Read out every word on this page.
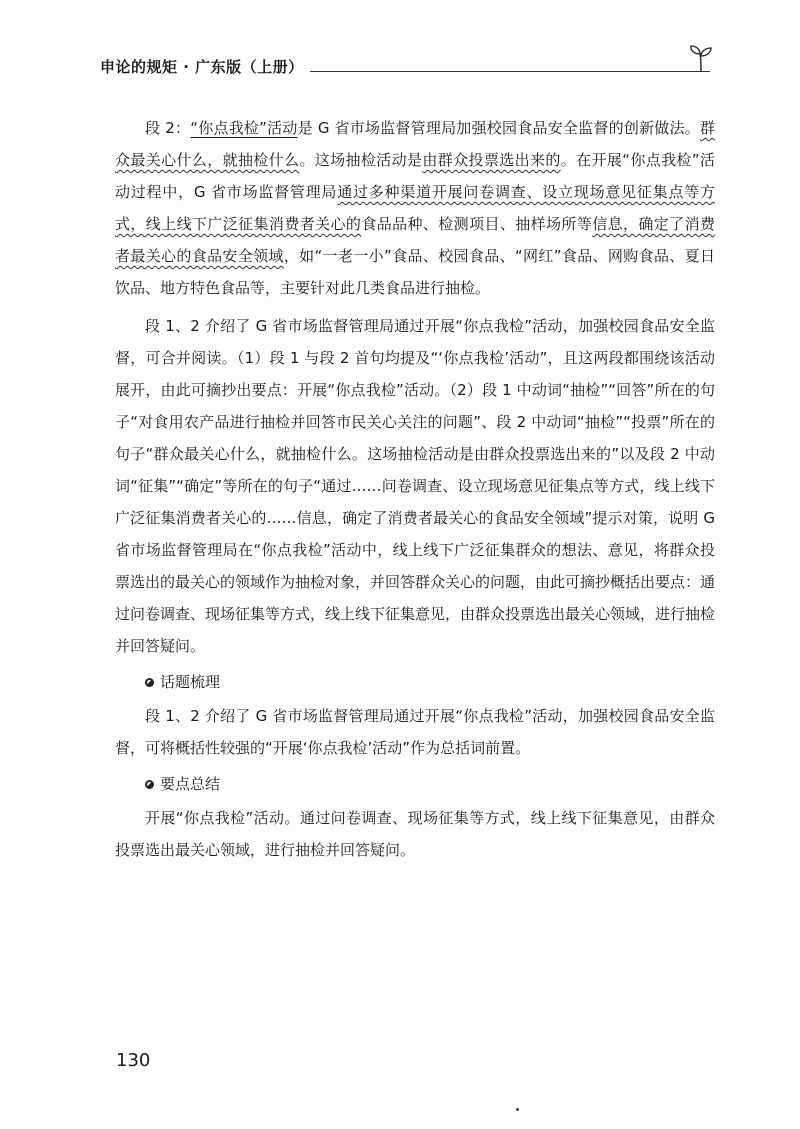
申论的规矩 · 广东版（上册）

段 2：“你点我检”活动是 G 省市场监督管理局加强校园食品安全监督的创新做法。群众最关心什么，就抽检什么。这场抽检活动是由群众投票选出来的。在开展“你点我检”活动过程中，G 省市场监督管理局通过多种渠道开展问卷调查、设立现场意见征集点等方式，线上线下广泛征集消费者关心的食品品种、检测项目、抽样场所等信息，确定了消费者最关心的食品安全领域，如“一老一小”食品、校园食品、“网红”食品、网购食品、夏日饮品、地方特色食品等，主要针对此几类食品进行抽检。

段 1、2 介绍了 G 省市场监督管理局通过开展“你点我检”活动，加强校园食品安全监督，可合并阅读。（1）段 1 与段 2 首句均提及“‘你点我检’活动”，且这两段都围绕该活动展开，由此可摘抄出要点：开展“你点我检”活动。（2）段 1 中动词“抽检”“回答”所在的句子“对食用农产品进行抽检并回答市民关心关注的问题”、段 2 中动词“抽检”“投票”所在的句子“群众最关心什么，就抽检什么。这场抽检活动是由群众投票选出来的”以及段 2 中动词“征集”“确定”等所在的句子“通过……问卷调查、设立现场意见征集点等方式，线上线下广泛征集消费者关心的……信息，确定了消费者最关心的食品安全领域”提示对策，说明 G 省市场监督管理局在“你点我检”活动中，线上线下广泛征集群众的想法、意见，将群众投票选出的最关心的领域作为抽检对象，并回答群众关心的问题，由此可摘抄概括出要点：通过问卷调查、现场征集等方式，线上线下征集意见，由群众投票选出最关心领域，进行抽检并回答疑问。

话题梳理

段 1、2 介绍了 G 省市场监督管理局通过开展“你点我检”活动，加强校园食品安全监督，可将概括性较强的“开展‘你点我检’活动”作为总括词前置。

要点总结

开展“你点我检”活动。通过问卷调查、现场征集等方式，线上线下征集意见，由群众投票选出最关心领域，进行抽检并回答疑问。

130
